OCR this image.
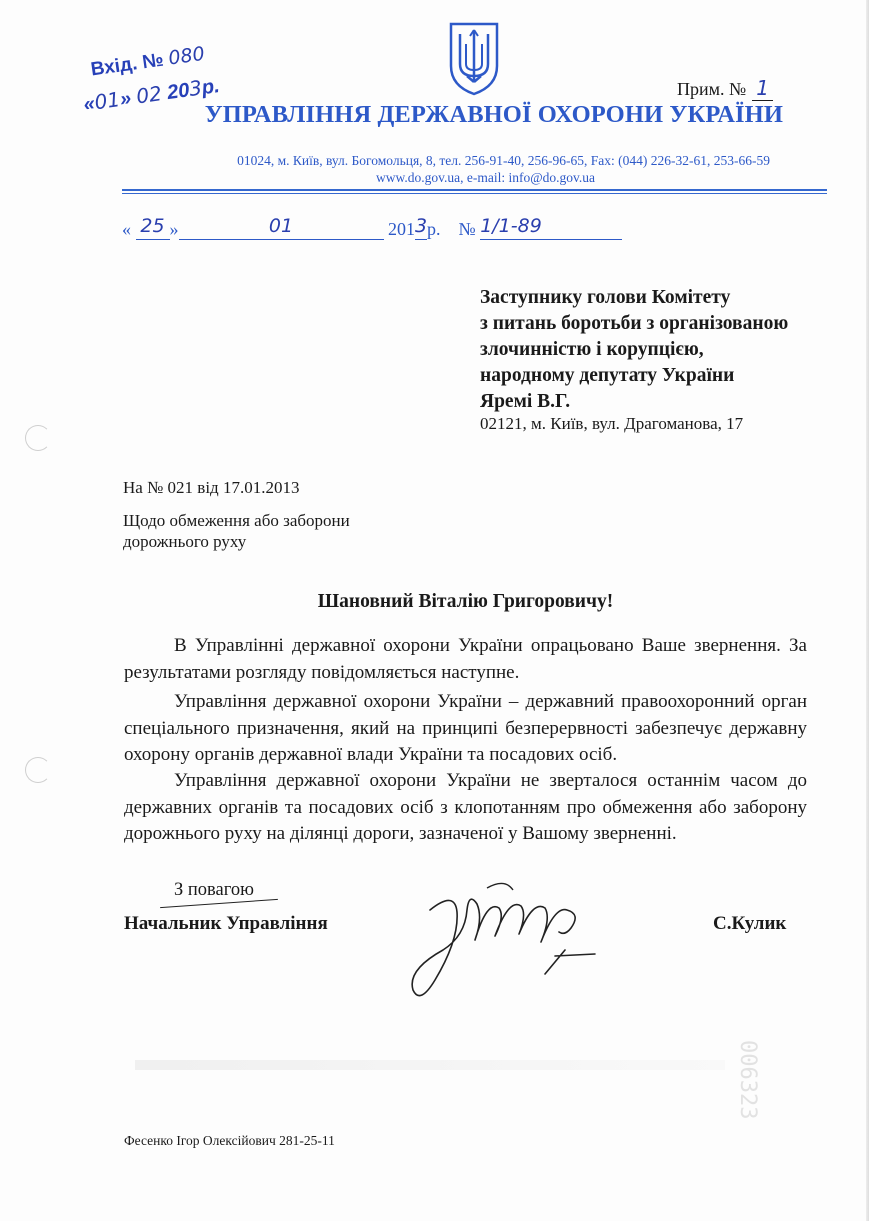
Вхід. № 080
«01» 02 203р.	Прим. № 1
УПРАВЛІННЯ ДЕРЖАВНОЇ ОХОРОНИ УКРАЇНИ
01024, м. Київ, вул. Богомольця, 8, тел. 256-91-40, 256-96-65, Fax: (044) 226-32-61, 253-66-59
www.do.gov.ua, e-mail: info@do.gov.ua
« 25 »	01	2013р. № 1/1-89
Заступнику голови Комітету
з питань боротьби з організованою
злочинністю і корупцією,
народному депутату України
Яремі В.Г.
02121, м. Київ, вул. Драгоманова, 17
На № 021 від 17.01.2013
Щодо обмеження або заборони
дорожнього руху
Шановний Віталію Григоровичу!
В Управлінні державної охорони України опрацьовано Ваше звернення. За результатами розгляду повідомляється наступне.
Управління державної охорони України – державний правоохоронний орган спеціального призначення, який на принципі безперервності забезпечує державну охорону органів державної влади України та посадових осіб.
Управління державної охорони України не зверталося останнім часом до державних органів та посадових осіб з клопотанням про обмеження або заборону дорожнього руху на ділянці дороги, зазначеної у Вашому зверненні.
З повагою
Начальник Управління	С.Кулик
006323
Фесенко Ігор Олексійович 281-25-11
